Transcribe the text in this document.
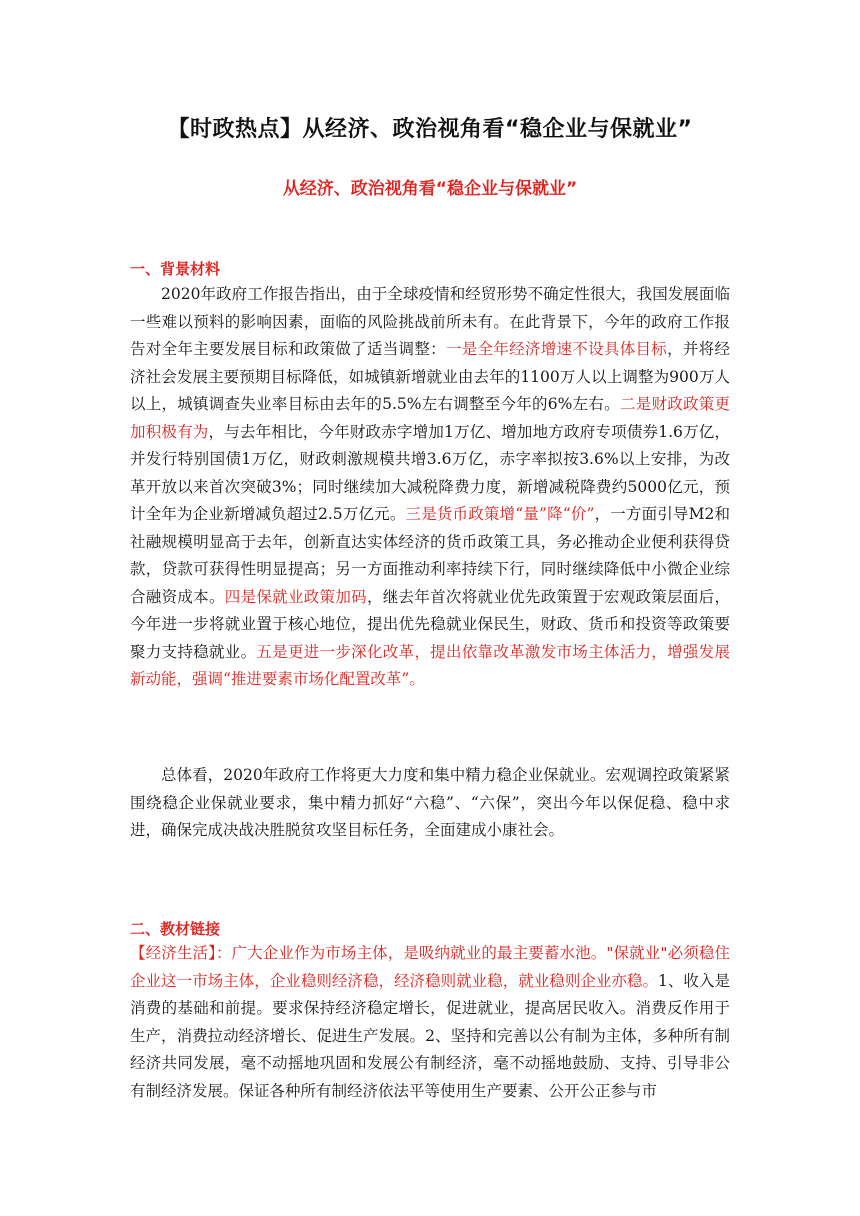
【时政热点】从经济、政治视角看“稳企业与保就业”
从经济、政治视角看“稳企业与保就业”
一、背景材料

2020年政府工作报告指出，由于全球疫情和经贸形势不确定性很大，我国发展面临一些难以预料的影响因素，面临的风险挑战前所未有。在此背景下，今年的政府工作报告对全年主要发展目标和政策做了适当调整：一是全年经济增速不设具体目标，并将经济社会发展主要预期目标降低，如城镇新增就业由去年的1100万人以上调整为900万人以上，城镇调查失业率目标由去年的5.5%左右调整至今年的6%左右。二是财政政策更加积极有为，与去年相比，今年财政赤字增加1万亿、增加地方政府专项债券1.6万亿，并发行特别国债1万亿，财政刺激规模共增3.6万亿，赤字率拟按3.6%以上安排，为改革开放以来首次突破3%；同时继续加大减税降费力度，新增减税降费约5000亿元，预计全年为企业新增减负超过2.5万亿元。三是货币政策增“量”降“价”，一方面引导M2和社融规模明显高于去年，创新直达实体经济的货币政策工具，务必推动企业便利获得贷款，贷款可获得性明显提高；另一方面推动利率持续下行，同时继续降低中小微企业综合融资成本。四是保就业政策加码，继去年首次将就业优先政策置于宏观政策层面后，今年进一步将就业置于核心地位，提出优先稳就业保民生，财政、货币和投资等政策要聚力支持稳就业。五是更进一步深化改革，提出依靠改革激发市场主体活力，增强发展新动能，强调“推进要素市场化配置改革”。

总体看，2020年政府工作将更大力度和集中精力稳企业保就业。宏观调控政策紧紧围绕稳企业保就业要求，集中精力抓好“六稳”、“六保”，突出今年以保促稳、稳中求进，确保完成决战决胜脱贫攻坚目标任务，全面建成小康社会。

二、教材链接

【经济生活】：广大企业作为市场主体，是吸纳就业的最主要蓄水池。"保就业"必须稳住企业这一市场主体，企业稳则经济稳，经济稳则就业稳，就业稳则企业亦稳。1、收入是消费的基础和前提。要求保持经济稳定增长，促进就业，提高居民收入。消费反作用于生产，消费拉动经济增长、促进生产发展。2、坚持和完善以公有制为主体，多种所有制经济共同发展，毫不动摇地巩固和发展公有制经济，毫不动摇地鼓励、支持、引导非公有制经济发展。保证各种所有制经济依法平等使用生产要素、公开公正参与市
